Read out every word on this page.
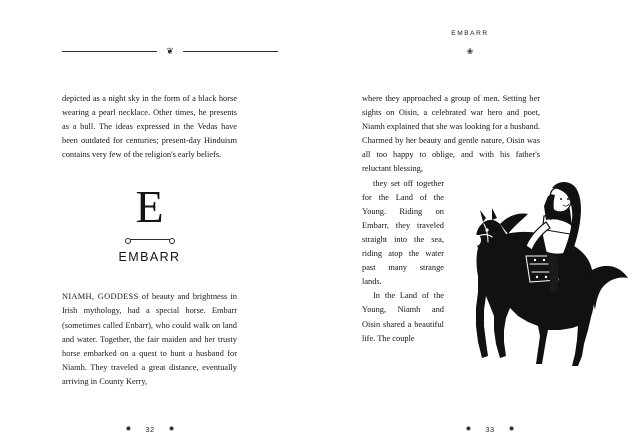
❦

depicted as a night sky in the form of a black horse wearing a pearl necklace. Other times, he presents as a bull. The ideas expressed in the Vedas have been outdated for centuries; present-day Hinduism contains very few of the religion's early beliefs.

E
EMBARR

NIAMH, GODDESS of beauty and brightness in Irish mythology, had a special horse. Embarr (sometimes called Enbarr), who could walk on land and water. Together, the fair maiden and her trusty horse embarked on a quest to hunt a husband for Niamh. They traveled a great distance, eventually arriving in County Kerry,

✹ 32 ✹
EMBARR
❀

where they approached a group of men. Setting her sights on Oisin, a celebrated war hero and poet, Niamh explained that she was looking for a husband. Charmed by her beauty and gentle nature, Oisin was all too happy to oblige, and with his father's reluctant blessing,

they set off together for the Land of the Young. Riding on Embarr, they traveled straight into the sea, riding atop the water past many strange lands.

In the Land of the Young, Niamh and Oisin shared a beautiful life. The couple

✹ 33 ✹
